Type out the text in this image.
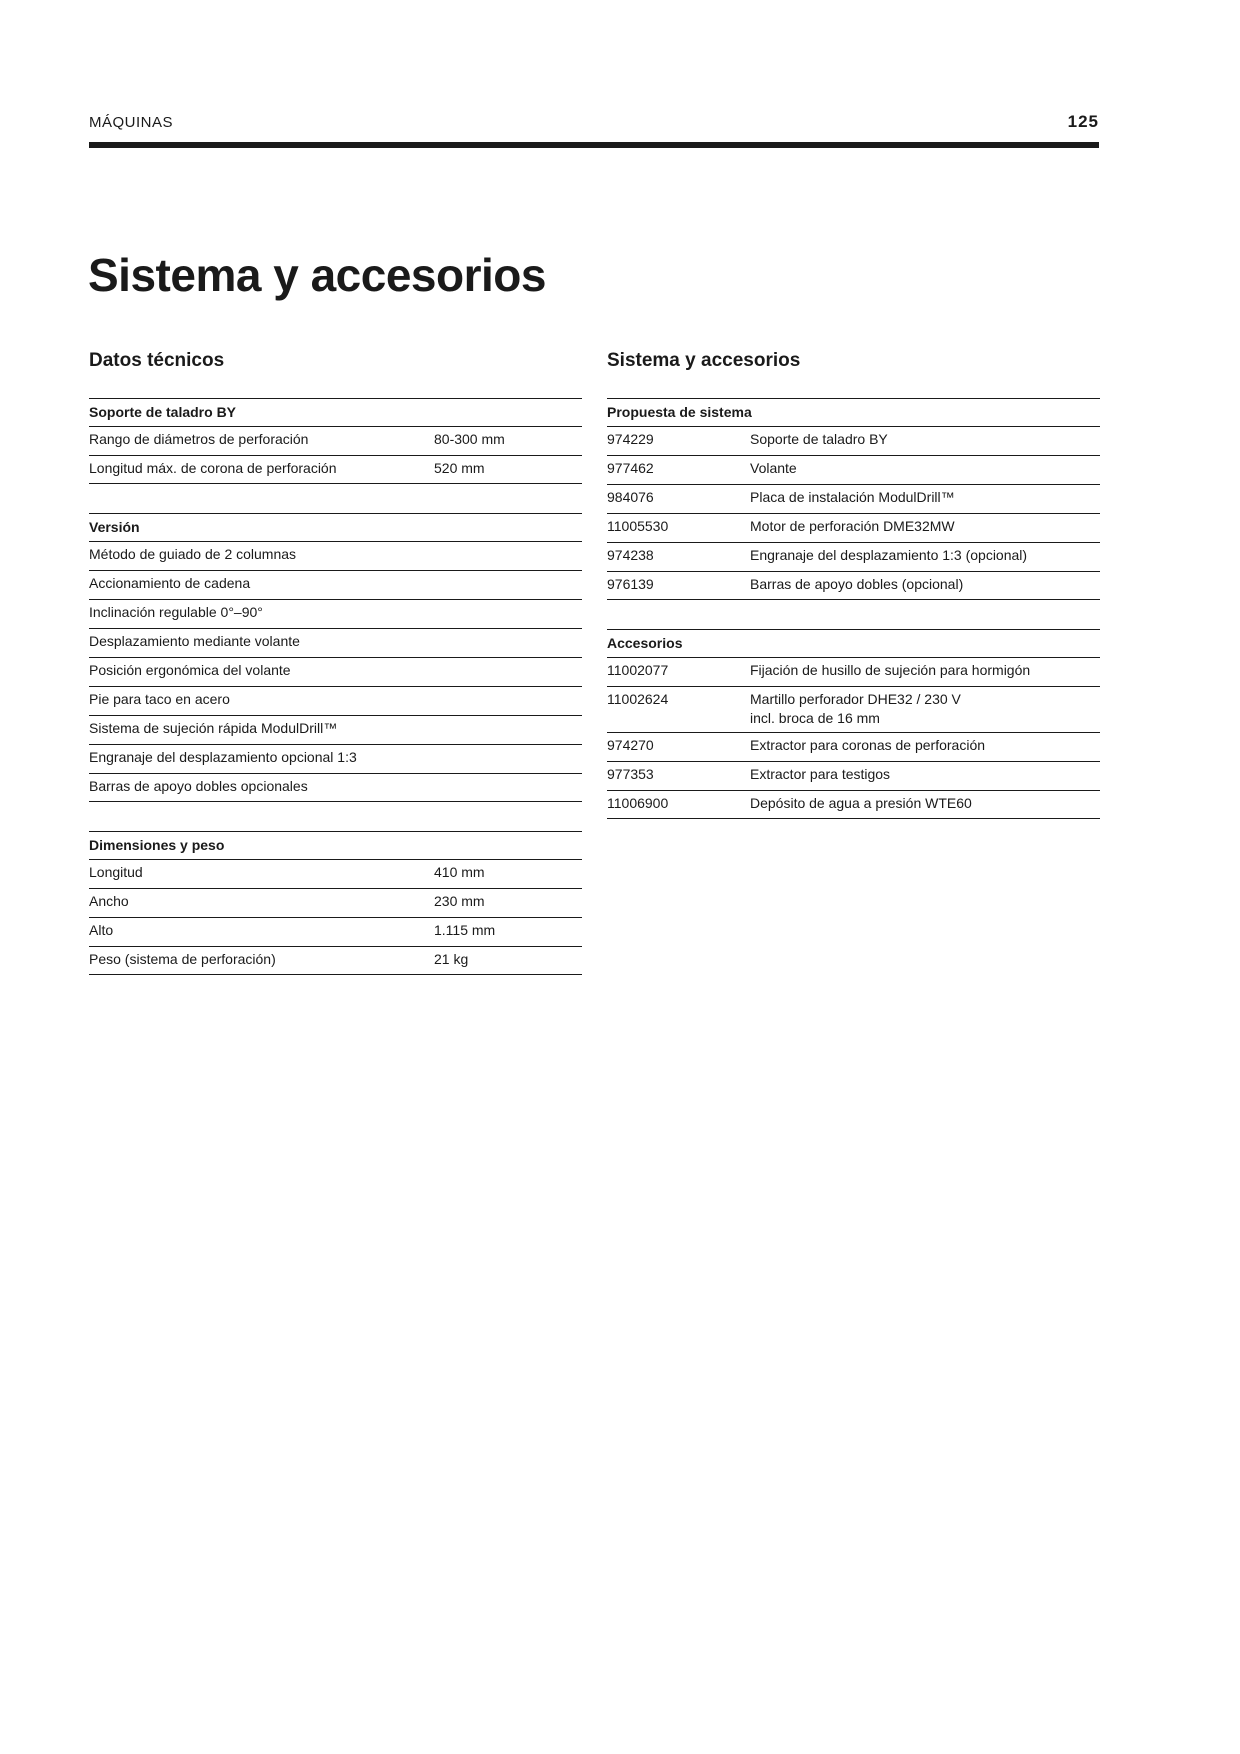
MÁQUINAS	125
Sistema y accesorios
Datos técnicos
Soporte de taladro BY
Rango de diámetros de perforación	80-300 mm
Longitud máx. de corona de perforación	520 mm
Versión
Método de guiado de 2 columnas
Accionamiento de cadena
Inclinación regulable 0°–90°
Desplazamiento mediante volante
Posición ergonómica del volante
Pie para taco en acero
Sistema de sujeción rápida ModulDrill™
Engranaje del desplazamiento opcional 1:3
Barras de apoyo dobles opcionales
Dimensiones y peso
Longitud	410 mm
Ancho	230 mm
Alto	1.115 mm
Peso (sistema de perforación)	21 kg
Sistema y accesorios
Propuesta de sistema
974229	Soporte de taladro BY
977462	Volante
984076	Placa de instalación ModulDrill™
11005530	Motor de perforación DME32MW
974238	Engranaje del desplazamiento 1:3 (opcional)
976139	Barras de apoyo dobles (opcional)
Accesorios
11002077	Fijación de husillo de sujeción para hormigón
11002624	Martillo perforador DHE32 / 230 V
incl. broca de 16 mm
974270	Extractor para coronas de perforación
977353	Extractor para testigos
11006900	Depósito de agua a presión WTE60
